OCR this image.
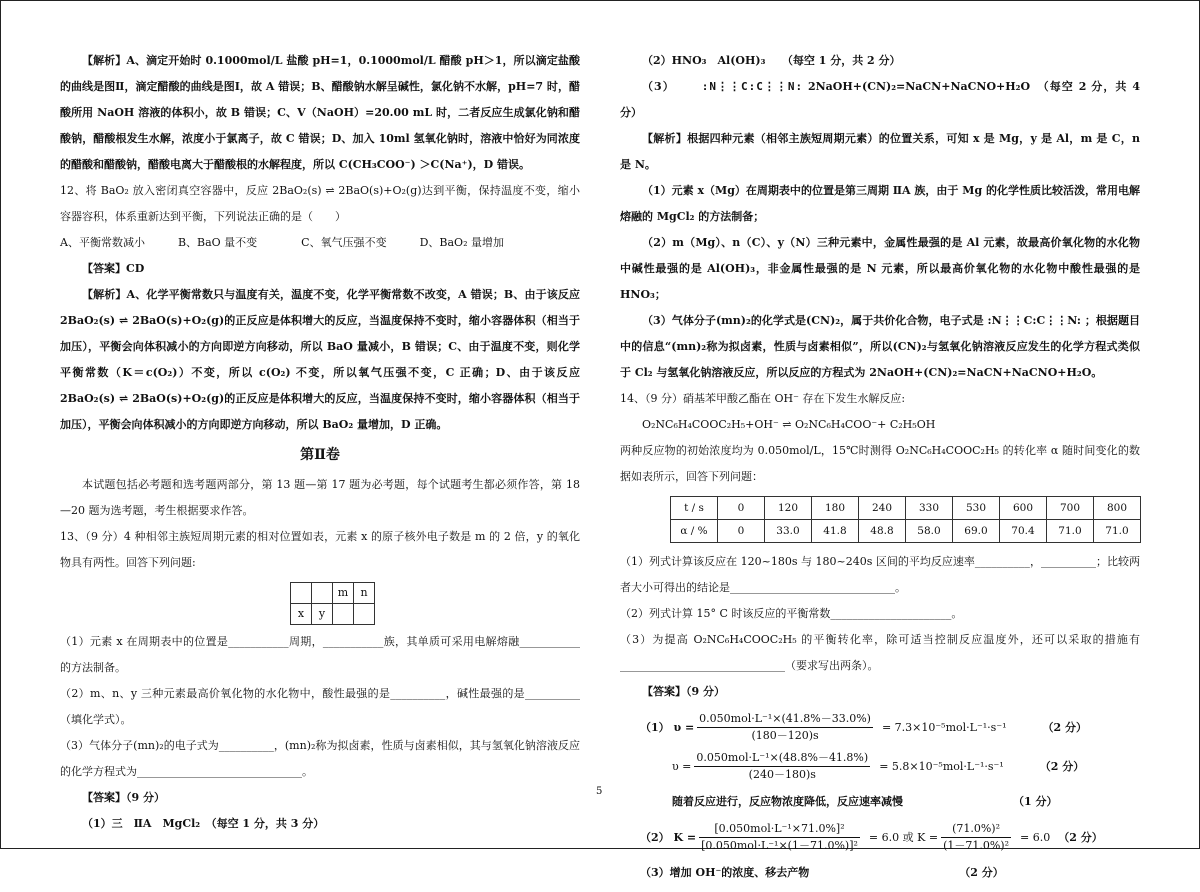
【解析】A、滴定开始时 0.1000mol/L 盐酸 pH=1，0.1000mol/L 醋酸 pH＞1，所以滴定盐酸的曲线是图Ⅱ，滴定醋酸的曲线是图Ⅰ，故 A 错误；B、醋酸钠水解呈碱性，氯化钠不水解，pH=7 时，醋酸所用 NaOH 溶液的体积小，故 B 错误；C、V（NaOH）=20.00 mL 时，二者反应生成氯化钠和醋酸钠，醋酸根发生水解，浓度小于氯离子，故 C 错误；D、加入 10ml 氢氧化钠时，溶液中恰好为同浓度的醋酸和醋酸钠，醋酸电离大于醋酸根的水解程度，所以 C(CH₃COO⁻) ＞C(Na⁺)，D 错误。

12、将 BaO₂ 放入密闭真空容器中，反应 2BaO₂(s) ⇌ 2BaO(s)+O₂(g)达到平衡，保持温度不变，缩小容器容积，体系重新达到平衡，下列说法正确的是（　　）

A、平衡常数减小　　　B、BaO 量不变　　　　C、氧气压强不变　　　D、BaO₂ 量增加

【答案】CD

【解析】A、化学平衡常数只与温度有关，温度不变，化学平衡常数不改变，A 错误；B、由于该反应 2BaO₂(s) ⇌ 2BaO(s)+O₂(g)的正反应是体积增大的反应，当温度保持不变时，缩小容器体积（相当于加压），平衡会向体积减小的方向即逆方向移动，所以 BaO 量减小，B 错误；C、由于温度不变，则化学平衡常数（K＝c(O₂)）不变，所以 c(O₂) 不变，所以氧气压强不变，C 正确；D、由于该反应 2BaO₂(s) ⇌ 2BaO(s)+O₂(g)的正反应是体积增大的反应，当温度保持不变时，缩小容器体积（相当于加压），平衡会向体积减小的方向即逆方向移动，所以 BaO₂ 量增加，D 正确。

第Ⅱ卷

本试题包括必考题和选考题两部分，第 13 题—第 17 题为必考题，每个试题考生都必须作答，第 18—20 题为选考题，考生根据要求作答。

13、（9 分）4 种相邻主族短周期元素的相对位置如表，元素 x 的原子核外电子数是 m 的 2 倍，y 的氧化物具有两性。回答下列问题:

		m	n
x	y		

（1）元素 x 在周期表中的位置是___________周期，___________族，其单质可采用电解熔融___________的方法制备。

（2）m、n、y 三种元素最高价氧化物的水化物中，酸性最强的是__________，碱性最强的是__________（填化学式）。

（3）气体分子(mn)₂的电子式为__________，(mn)₂称为拟卤素，性质与卤素相似，其与氢氧化钠溶液反应的化学方程式为______________________________。

【答案】（9 分）

（1）三　ⅡA　MgCl₂　（每空 1 分，共 3 分）

（2）HNO₃　Al(OH)₃　　（每空 1 分，共 2 分）

（3） :N⋮⋮C:C⋮⋮N: 2NaOH+(CN)₂=NaCN+NaCNO+H₂O　（每空 2 分，共 4 分）

【解析】根据四种元素（相邻主族短周期元素）的位置关系，可知 x 是 Mg，y 是 Al，m 是 C，n 是 N。

（1）元素 x（Mg）在周期表中的位置是第三周期 ⅡA 族，由于 Mg 的化学性质比较活泼，常用电解熔融的 MgCl₂ 的方法制备；

（2）m（Mg）、n（C）、y（N）三种元素中，金属性最强的是 Al 元素，故最高价氧化物的水化物中碱性最强的是 Al(OH)₃，非金属性最强的是 N 元素，所以最高价氧化物的水化物中酸性最强的是 HNO₃；

（3）气体分子(mn)₂的化学式是(CN)₂，属于共价化合物，电子式是 :N⋮⋮C:C⋮⋮N: ；根据题目中的信息“(mn)₂称为拟卤素，性质与卤素相似”，所以(CN)₂与氢氧化钠溶液反应发生的化学方程式类似于 Cl₂ 与氢氧化钠溶液反应，所以反应的方程式为 2NaOH+(CN)₂=NaCN+NaCNO+H₂O。

14、（9 分）硝基苯甲酸乙酯在 OH⁻ 存在下发生水解反应:

O₂NC₆H₄COOC₂H₅+OH⁻ ⇌ O₂NC₆H₄COO⁻+ C₂H₅OH

两种反应物的初始浓度均为 0.050mol/L，15℃时测得 O₂NC₆H₄COOC₂H₅ 的转化率 α 随时间变化的数据如表所示，回答下列问题：

t / s	0	120	180	240	330	530	600	700	800
α / %	0	33.0	41.8	48.8	58.0	69.0	70.4	71.0	71.0

（1）列式计算该反应在 120~180s 与 180~240s 区间的平均反应速率__________，__________；比较两者大小可得出的结论是______________________________。

（2）列式计算 15° C 时该反应的平衡常数______________________。

（3）为提高 O₂NC₆H₄COOC₂H₅ 的平衡转化率，除可适当控制反应温度外，还可以采取的措施有______________________________（要求写出两条）。

【答案】（9 分）

（1） $\upsilon = \frac{\text{0.050mol·L⁻¹×(41.8\%－33.0\%)}}{(180-120)s} = 7.3\times 10^{-5}mol\cdot L^{-1}\cdot s^{-1}$	（2 分）
$\upsilon = \frac{\text{0.050mol·L⁻¹×(48.8\%－41.8\%)}}{(240-180)s} = 5.8\times 10^{-5}mol\cdot L^{-1}\cdot s^{-1}$	（2 分）
随着反应进行，反应物浓度降低，反应速率减慢	（1 分）
（2） $K = \frac{\text{[0.050mol·L⁻¹×71.0\%]²}}{\text{[0.050mol·L⁻¹×(1－71.0\%)]²}} = 6.0$ 或 $K = \frac{\text{(71.0\%)²}}{\text{(1－71.0\%)²}} = 6.0$ （2 分）
（3）增加 OH⁻的浓度、移去产物	（2 分）
5
